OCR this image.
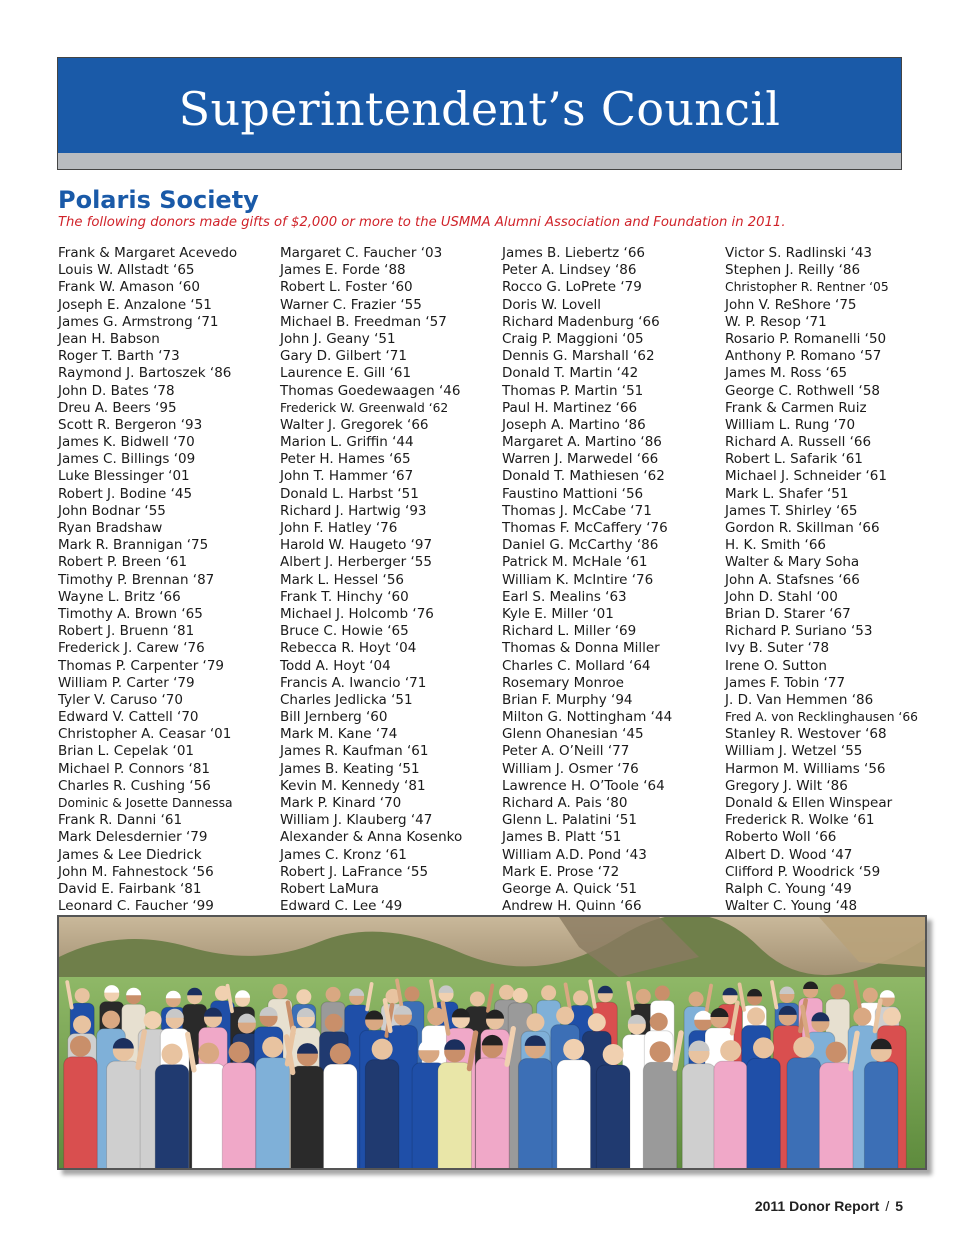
Superintendent’s Council
Polaris Society

The following donors made gifts of $2,000 or more to the USMMA Alumni Association and Foundation in 2011.

Frank & Margaret Acevedo
Louis W. Allstadt ‘65
Frank W. Amason ‘60
Joseph E. Anzalone ‘51
James G. Armstrong ‘71
Jean H. Babson
Roger T. Barth ‘73
Raymond J. Bartoszek ‘86
John D. Bates ‘78
Dreu A. Beers ‘95
Scott R. Bergeron ‘93
James K. Bidwell ‘70
James C. Billings ‘09
Luke Blessinger ‘01
Robert J. Bodine ‘45
John Bodnar ‘55
Ryan Bradshaw
Mark R. Brannigan ‘75
Robert P. Breen ‘61
Timothy P. Brennan ‘87
Wayne L. Britz ‘66
Timothy A. Brown ‘65
Robert J. Bruenn ‘81
Frederick J. Carew ‘76
Thomas P. Carpenter ‘79
William P. Carter ‘79
Tyler V. Caruso ‘70
Edward V. Cattell ‘70
Christopher A. Ceasar ‘01
Brian L. Cepelak ‘01
Michael P. Connors ‘81
Charles R. Cushing ‘56
Dominic & Josette Dannessa
Frank R. Danni ‘61
Mark Delesdernier ‘79
James & Lee Diedrick
John M. Fahnestock ‘56
David E. Fairbank ‘81
Leonard C. Faucher ‘99
Margaret C. Faucher ‘03
James E. Forde ‘88
Robert L. Foster ‘60
Warner C. Frazier ‘55
Michael B. Freedman ‘57
John J. Geany ‘51
Gary D. Gilbert ‘71
Laurence E. Gill ‘61
Thomas Goedewaagen ‘46
Frederick W. Greenwald ‘62
Walter J. Gregorek ‘66
Marion L. Griffin ‘44
Peter H. Hames ‘65
John T. Hammer ‘67
Donald L. Harbst ‘51
Richard J. Hartwig ‘93
John F. Hatley ‘76
Harold W. Haugeto ‘97
Albert J. Herberger ‘55
Mark L. Hessel ‘56
Frank T. Hinchy ‘60
Michael J. Holcomb ‘76
Bruce C. Howie ‘65
Rebecca R. Hoyt ‘04
Todd A. Hoyt ‘04
Francis A. Iwancio ‘71
Charles Jedlicka ‘51
Bill Jernberg ‘60
Mark M. Kane ‘74
James R. Kaufman ‘61
James B. Keating ‘51
Kevin M. Kennedy ‘81
Mark P. Kinard ‘70
William J. Klauberg ‘47
Alexander & Anna Kosenko
James C. Kronz ‘61
Robert J. LaFrance ‘55
Robert LaMura
Edward C. Lee ‘49
James B. Liebertz ‘66
Peter A. Lindsey ‘86
Rocco G. LoPrete ‘79
Doris W. Lovell
Richard Madenburg ‘66
Craig P. Maggioni ‘05
Dennis G. Marshall ‘62
Donald T. Martin ‘42
Thomas P. Martin ‘51
Paul H. Martinez ‘66
Joseph A. Martino ‘86
Margaret A. Martino ‘86
Warren J. Marwedel ‘66
Donald T. Mathiesen ‘62
Faustino Mattioni ‘56
Thomas J. McCabe ‘71
Thomas F. McCaffery ‘76
Daniel G. McCarthy ‘86
Patrick M. McHale ‘61
William K. McIntire ‘76
Earl S. Mealins ‘63
Kyle E. Miller ‘01
Richard L. Miller ‘69
Thomas & Donna Miller
Charles C. Mollard ‘64
Rosemary Monroe
Brian F. Murphy ‘94
Milton G. Nottingham ‘44
Glenn Ohanesian ‘45
Peter A. O’Neill ‘77
William J. Osmer ‘76
Lawrence H. O’Toole ‘64
Richard A. Pais ‘80
Glenn L. Palatini ‘51
James B. Platt ‘51
William A.D. Pond ‘43
Mark E. Prose ‘72
George A. Quick ‘51
Andrew H. Quinn ‘66
Victor S. Radlinski ‘43
Stephen J. Reilly ‘86
Christopher R. Rentner ‘05
John V. ReShore ‘75
W. P. Resop ‘71
Rosario P. Romanelli ‘50
Anthony P. Romano ‘57
James M. Ross ‘65
George C. Rothwell ‘58
Frank & Carmen Ruiz
William L. Rung ‘70
Richard A. Russell ‘66
Robert L. Safarik ‘61
Michael J. Schneider ‘61
Mark L. Shafer ‘51
James T. Shirley ‘65
Gordon R. Skillman ‘66
H. K. Smith ‘66
Walter & Mary Soha
John A. Stafsnes ‘66
John D. Stahl ‘00
Brian D. Starer ‘67
Richard P. Suriano ‘53
Ivy B. Suter ‘78
Irene O. Sutton
James F. Tobin ‘77
J. D. Van Hemmen ‘86
Fred A. von Recklinghausen ‘66
Stanley R. Westover ‘68
William J. Wetzel ‘55
Harmon M. Williams ‘56
Gregory J. Wilt ‘86
Donald & Ellen Winspear
Frederick R. Wolke ‘61
Roberto Woll ‘66
Albert D. Wood ‘47
Clifford P. Woodrick ‘59
Ralph C. Young ‘49
Walter C. Young ‘48
2011 Donor Report / 5
